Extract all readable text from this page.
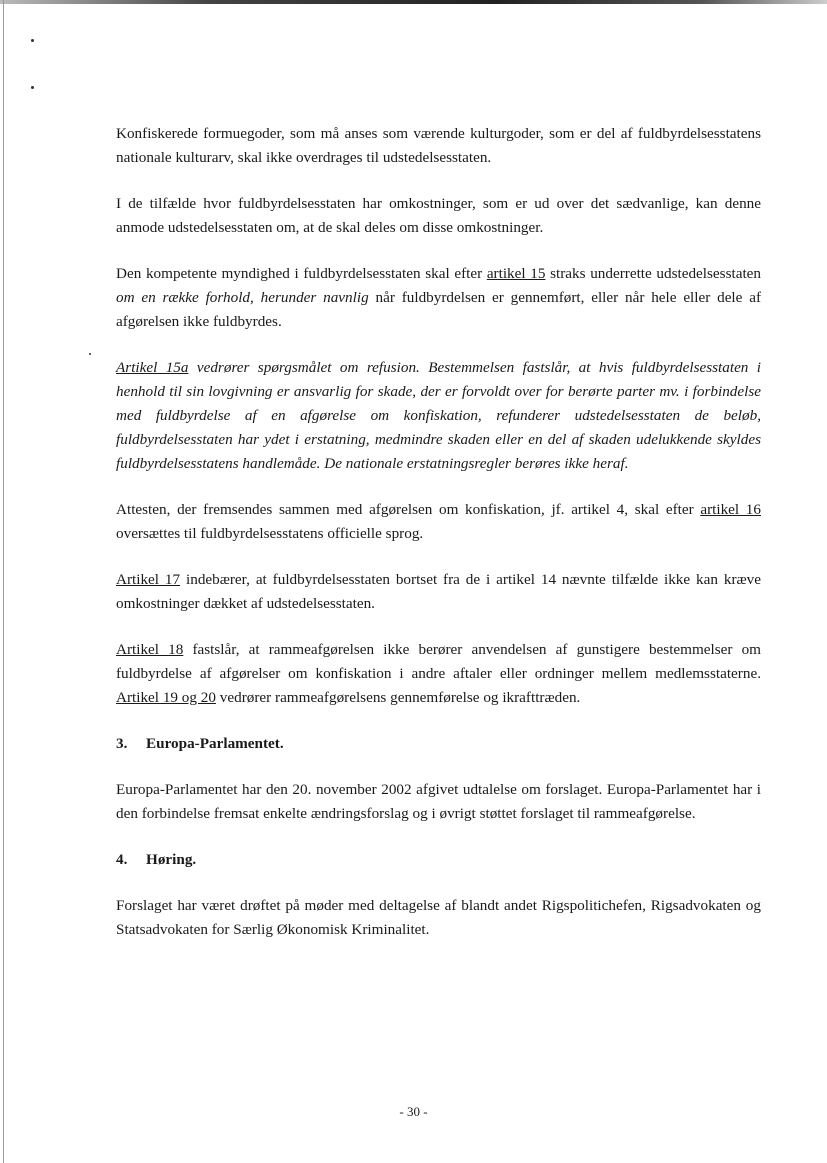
Konfiskerede formuegoder, som må anses som værende kulturgoder, som er del af fuldbyrdelsesstatens nationale kulturarv, skal ikke overdrages til udstedelsesstaten.

I de tilfælde hvor fuldbyrdelsesstaten har omkostninger, som er ud over det sædvanlige, kan denne anmode udstedelsesstaten om, at de skal deles om disse omkostninger.

Den kompetente myndighed i fuldbyrdelsesstaten skal efter artikel 15 straks underrette udstedelsesstaten om en række forhold, herunder navnlig når fuldbyrdelsen er gennemført, eller når hele eller dele af afgørelsen ikke fuldbyrdes.

Artikel 15a vedrører spørgsmålet om refusion. Bestemmelsen fastslår, at hvis fuldbyrdelsesstaten i henhold til sin lovgivning er ansvarlig for skade, der er forvoldt over for berørte parter mv. i forbindelse med fuldbyrdelse af en afgørelse om konfiskation, refunderer udstedelsesstaten de beløb, fuldbyrdelsesstaten har ydet i erstatning, medmindre skaden eller en del af skaden udelukkende skyldes fuldbyrdelsesstatens handlemåde. De nationale erstatningsregler berøres ikke heraf.

Attesten, der fremsendes sammen med afgørelsen om konfiskation, jf. artikel 4, skal efter artikel 16 oversættes til fuldbyrdelsesstatens officielle sprog.

Artikel 17 indebærer, at fuldbyrdelsesstaten bortset fra de i artikel 14 nævnte tilfælde ikke kan kræve omkostninger dækket af udstedelsesstaten.

Artikel 18 fastslår, at rammeafgørelsen ikke berører anvendelsen af gunstigere bestemmelser om fuldbyrdelse af afgørelser om konfiskation i andre aftaler eller ordninger mellem medlemsstaterne. Artikel 19 og 20 vedrører rammeafgørelsens gennemførelse og ikrafttræden.

3. Europa-Parlamentet.

Europa-Parlamentet har den 20. november 2002 afgivet udtalelse om forslaget. Europa-Parlamentet har i den forbindelse fremsat enkelte ændringsforslag og i øvrigt støttet forslaget til rammeafgørelse.

4. Høring.

Forslaget har været drøftet på møder med deltagelse af blandt andet Rigspolitichefen, Rigsadvokaten og Statsadvokaten for Særlig Økonomisk Kriminalitet.

- 30 -
